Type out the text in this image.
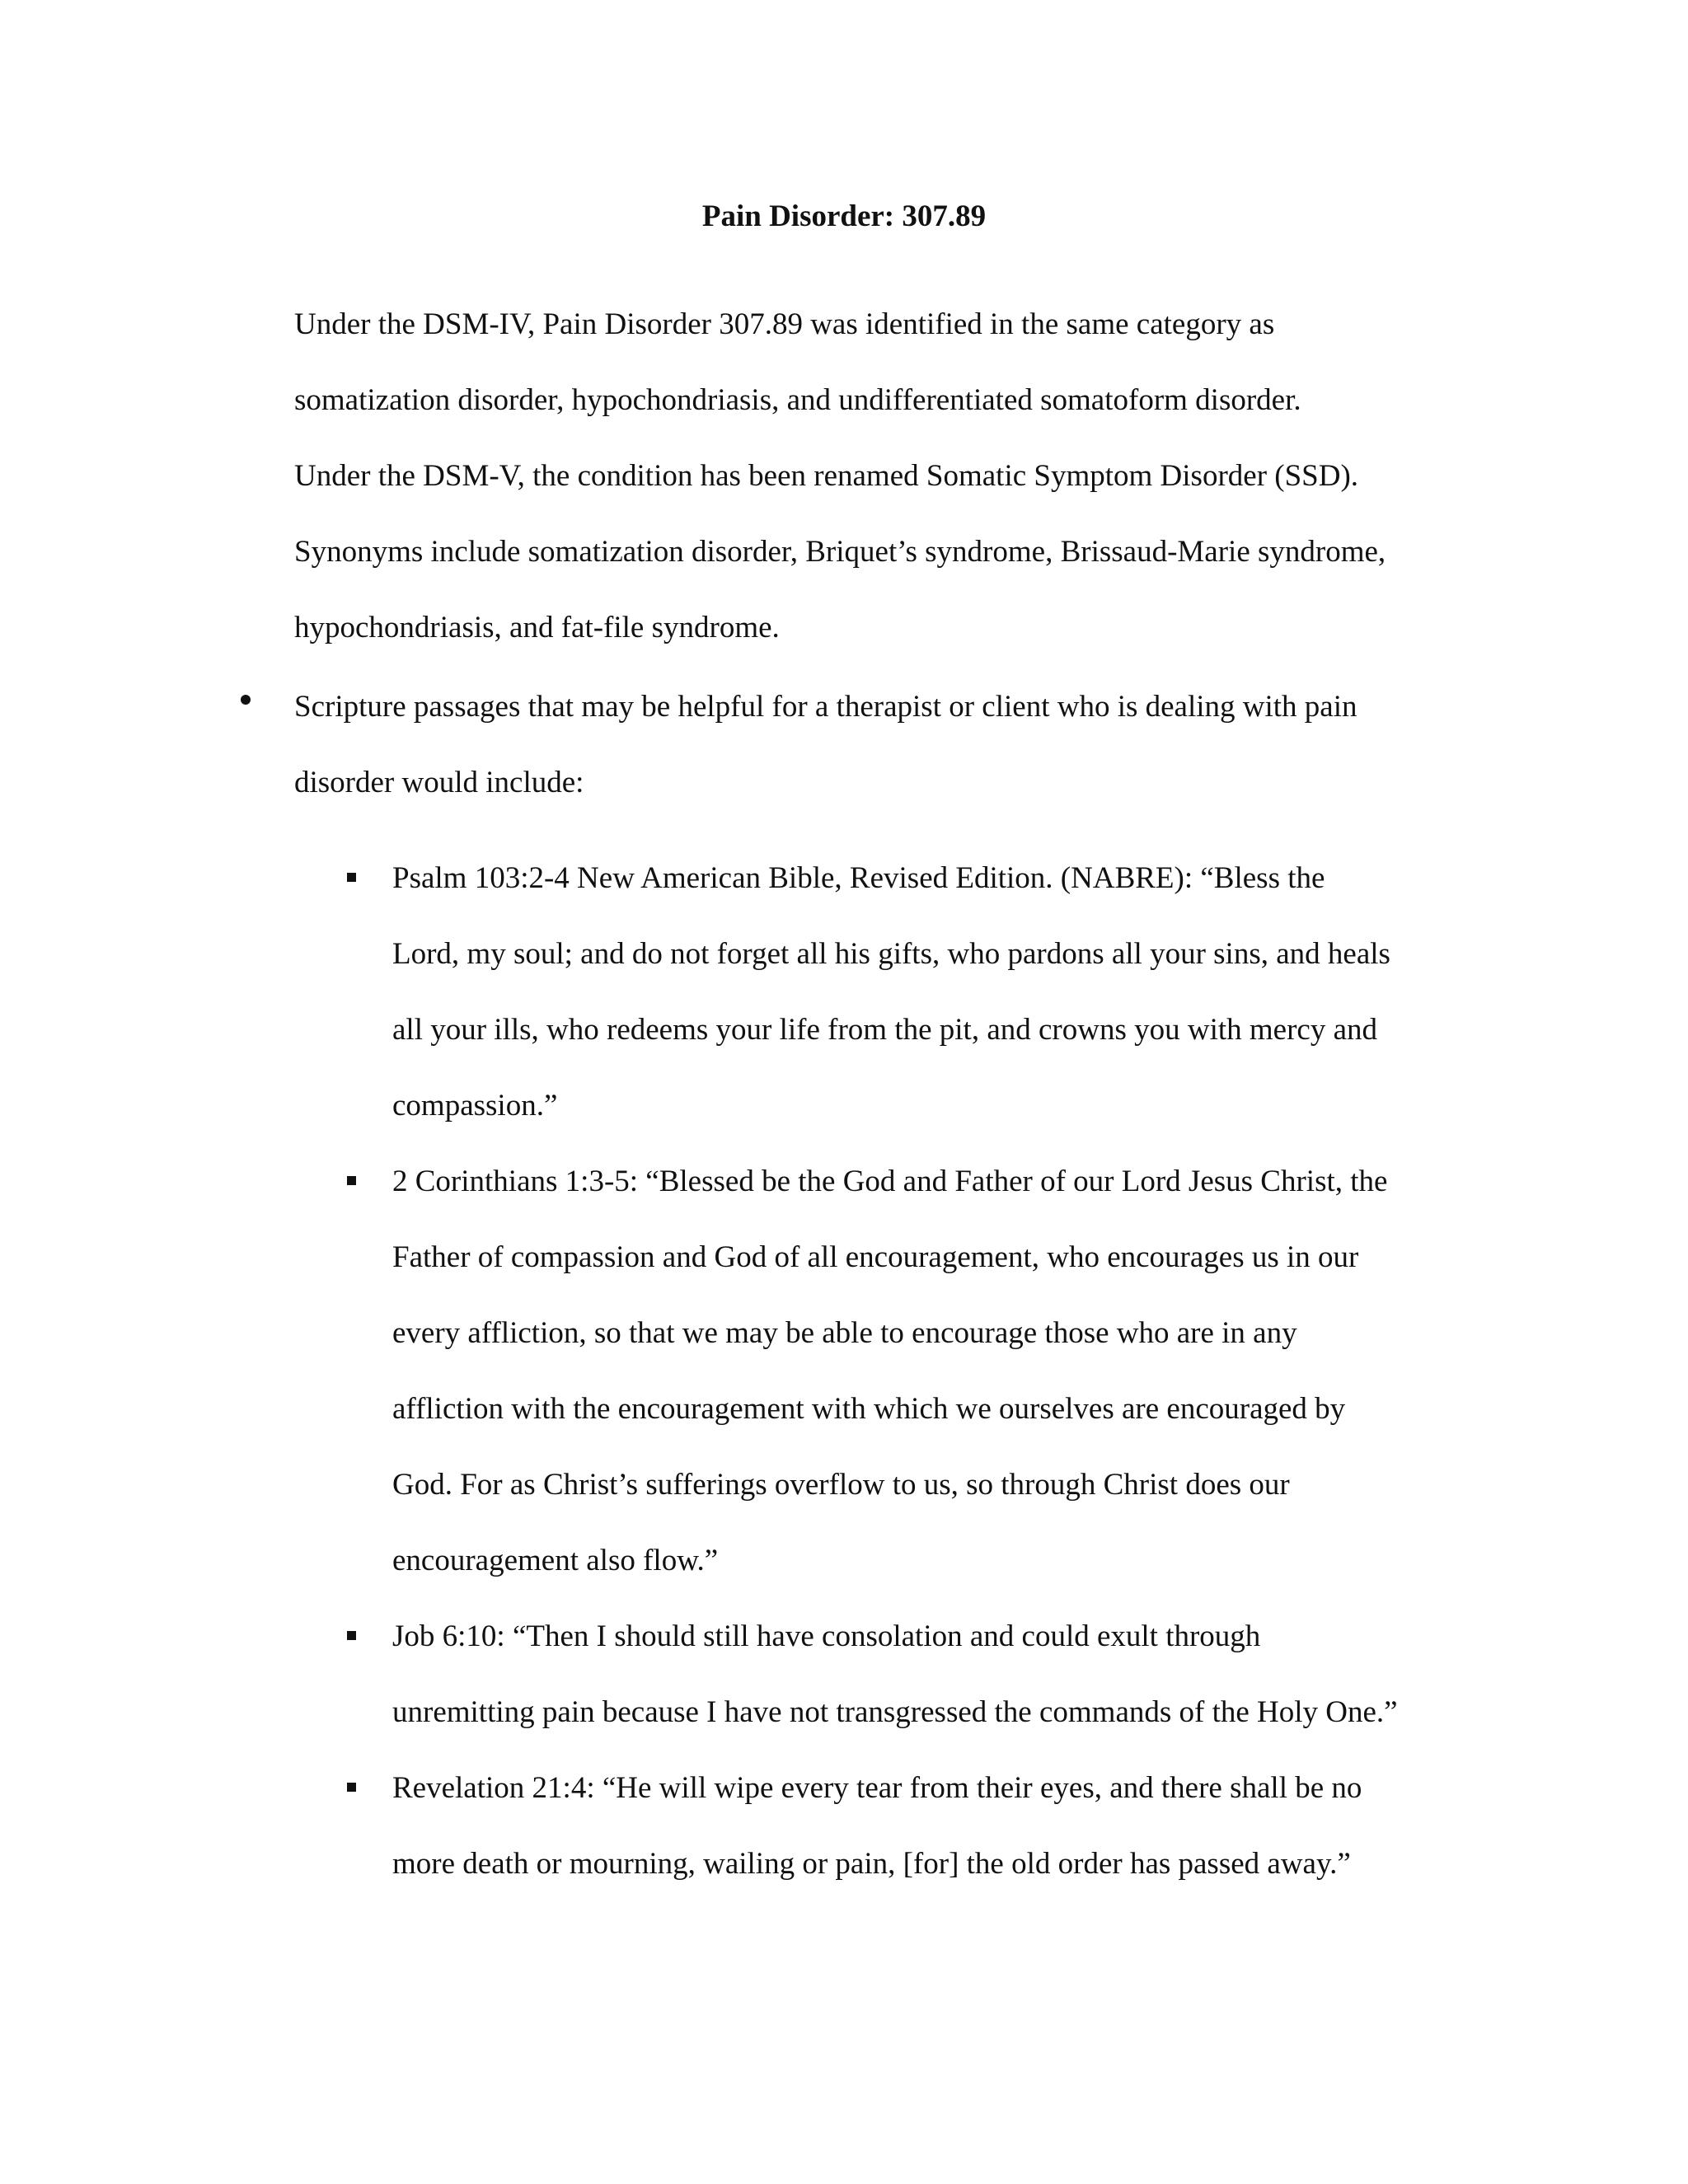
Pain Disorder: 307.89

Under the DSM-IV, Pain Disorder 307.89 was identified in the same category as
somatization disorder, hypochondriasis, and undifferentiated somatoform disorder.
Under the DSM-V, the condition has been renamed Somatic Symptom Disorder (SSD).
Synonyms include somatization disorder, Briquet’s syndrome, Brissaud-Marie syndrome,
hypochondriasis, and fat-file syndrome.

Scripture passages that may be helpful for a therapist or client who is dealing with pain
disorder would include:
Psalm 103:2-4 New American Bible, Revised Edition. (NABRE): “Bless the
Lord, my soul; and do not forget all his gifts, who pardons all your sins, and heals
all your ills, who redeems your life from the pit, and crowns you with mercy and
compassion.”
2 Corinthians 1:3-5: “Blessed be the God and Father of our Lord Jesus Christ, the
Father of compassion and God of all encouragement, who encourages us in our
every affliction, so that we may be able to encourage those who are in any
affliction with the encouragement with which we ourselves are encouraged by
God. For as Christ’s sufferings overflow to us, so through Christ does our
encouragement also flow.”
Job 6:10: “Then I should still have consolation and could exult through
unremitting pain because I have not transgressed the commands of the Holy One.”
Revelation 21:4: “He will wipe every tear from their eyes, and there shall be no
more death or mourning, wailing or pain, [for] the old order has passed away.”
